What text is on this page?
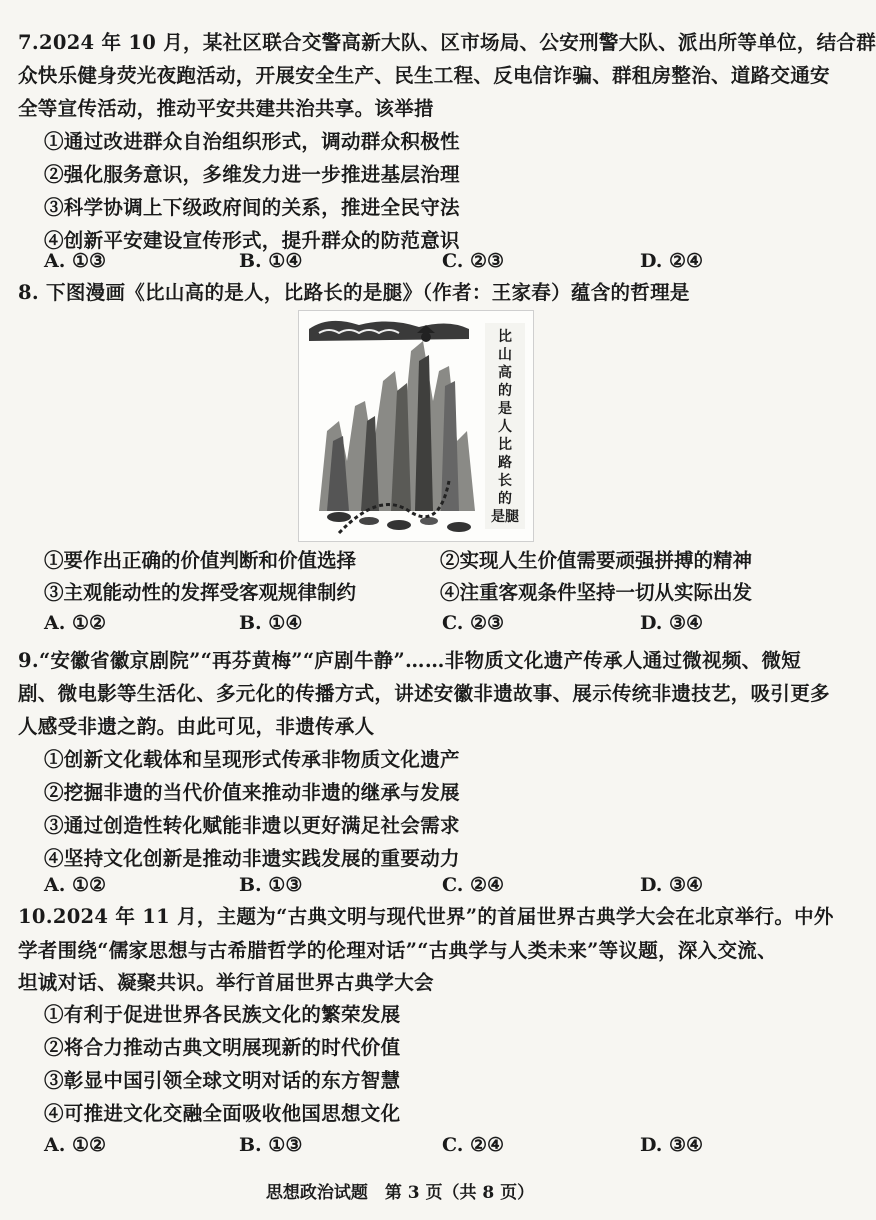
7.2024 年 10 月，某社区联合交警高新大队、区市场局、公安刑警大队、派出所等单位，结合群
众快乐健身荧光夜跑活动，开展安全生产、民生工程、反电信诈骗、群租房整治、道路交通安
全等宣传活动，推动平安共建共治共享。该举措
①通过改进群众自治组织形式，调动群众积极性
②强化服务意识，多维发力进一步推进基层治理
③科学协调上下级政府间的关系，推进全民守法
④创新平安建设宣传形式，提升群众的防范意识
A. ①③	B. ①④	C. ②③	D. ②④
8. 下图漫画《比山高的是人，比路长的是腿》（作者：王家春）蕴含的哲理是
比
山
高
的
是
人
比
路
长
的
是腿
①要作出正确的价值判断和价值选择	②实现人生价值需要顽强拼搏的精神
③主观能动性的发挥受客观规律制约	④注重客观条件坚持一切从实际出发
A. ①②	B. ①④	C. ②③	D. ③④
9.“安徽省徽京剧院”“再芬黄梅”“庐剧牛静”……非物质文化遗产传承人通过微视频、微短
剧、微电影等生活化、多元化的传播方式，讲述安徽非遗故事、展示传统非遗技艺，吸引更多
人感受非遗之韵。由此可见，非遗传承人
①创新文化载体和呈现形式传承非物质文化遗产
②挖掘非遗的当代价值来推动非遗的继承与发展
③通过创造性转化赋能非遗以更好满足社会需求
④坚持文化创新是推动非遗实践发展的重要动力
A. ①②	B. ①③	C. ②④	D. ③④
10.2024 年 11 月，主题为“古典文明与现代世界”的首届世界古典学大会在北京举行。中外
学者围绕“儒家思想与古希腊哲学的伦理对话”“古典学与人类未来”等议题，深入交流、
坦诚对话、凝聚共识。举行首届世界古典学大会
①有利于促进世界各民族文化的繁荣发展
②将合力推动古典文明展现新的时代价值
③彰显中国引领全球文明对话的东方智慧
④可推进文化交融全面吸收他国思想文化
A. ①②	B. ①③	C. ②④	D. ③④
思想政治试题　第 3 页（共 8 页）
